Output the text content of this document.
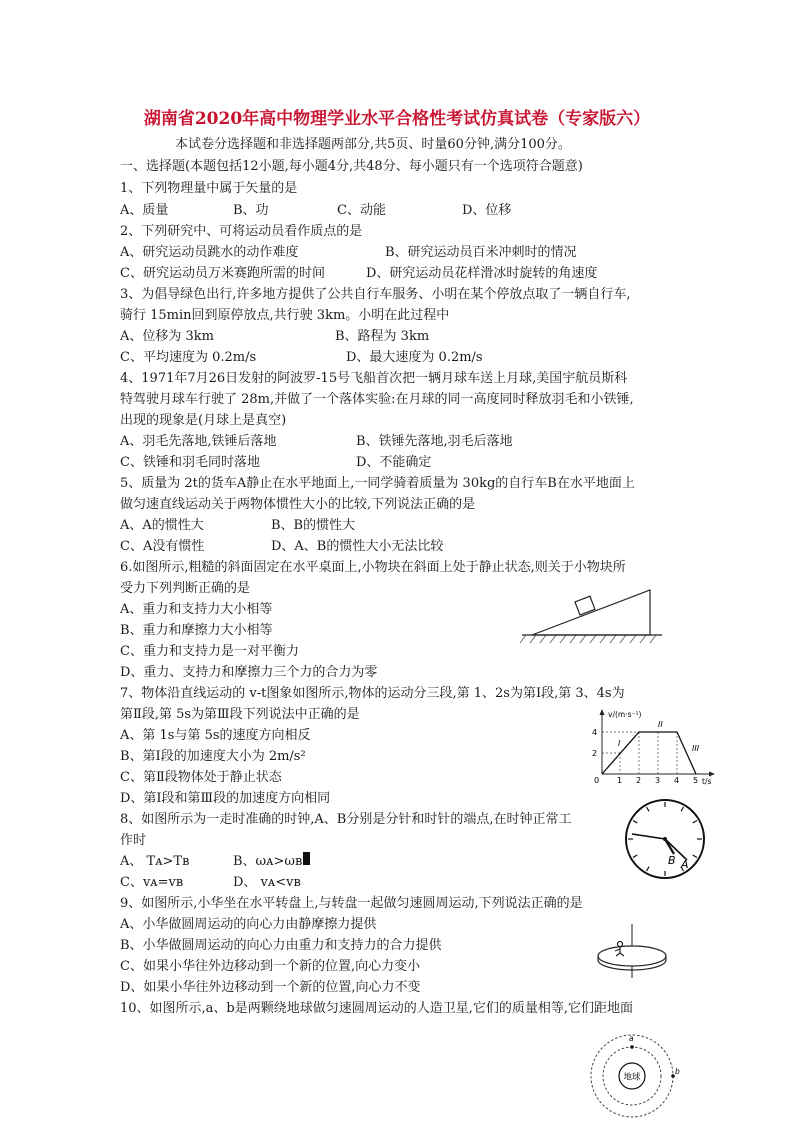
湖南省2020年高中物理学业水平合格性考试仿真试卷（专家版六）
本试卷分选择题和非选择题两部分,共5页、时量60分钟,满分100分。
一、选择题(本题包括12小题,每小题4分,共48分、每小题只有一个选项符合题意)
1、下列物理量中属于矢量的是
A、质量	B、功	C、动能	D、位移
2、下列研究中、可将运动员看作质点的是
A、研究运动员跳水的动作难度	B、研究运动员百米冲刺时的情况
C、研究运动员万米赛跑所需的时间	D、研究运动员花样滑冰时旋转的角速度
3、为倡导绿色出行,许多地方提供了公共自行车服务、小明在某个停放点取了一辆自行车,
骑行 15min回到原停放点,共行驶 3km。小明在此过程中
A、位移为 3km	B、路程为 3km
C、平均速度为 0.2m/s	D、最大速度为 0.2m/s
4、1971年7月26日发射的阿波罗-15号飞船首次把一辆月球车送上月球,美国宇航员斯科
特驾驶月球车行驶了 28m,并做了一个落体实验:在月球的同一高度同时释放羽毛和小铁锤,
出现的现象是(月球上是真空)
A、羽毛先落地,铁锤后落地	B、铁锤先落地,羽毛后落地
C、铁锤和羽毛同时落地	D、不能确定
5、质量为 2t的货车A静止在水平地面上,一同学骑着质量为 30kg的自行车B在水平地面上
做匀速直线运动关于两物体惯性大小的比较,下列说法正确的是
A、A的惯性大	B、B的惯性大
C、A没有惯性	D、A、B的惯性大小无法比较
6.如图所示,粗糙的斜面固定在水平桌面上,小物块在斜面上处于静止状态,则关于小物块所
受力下列判断正确的是
A、重力和支持力大小相等
B、重力和摩擦力大小相等
C、重力和支持力是一对平衡力
D、重力、支持力和摩擦力三个力的合力为零
7、物体沿直线运动的 v-t图象如图所示,物体的运动分三段,第 1、2s为第Ⅰ段,第 3、4s为
第Ⅱ段,第 5s为第Ⅲ段下列说法中正确的是
A、第 1s与第 5s的速度方向相反
B、第Ⅰ段的加速度大小为 2m/s²
C、第Ⅱ段物体处于静止状态
D、第Ⅰ段和第Ⅲ段的加速度方向相同
8、如图所示为一走时准确的时钟,A、B分别是分针和时针的端点,在时钟正常工
作时
A、 Tᴀ>Tʙ	B、ωᴀ>ωʙ
C、vᴀ=vʙ	D、 vᴀ<vʙ
9、如图所示,小华坐在水平转盘上,与转盘一起做匀速圆周运动,下列说法正确的是
A、小华做圆周运动的向心力由静摩擦力提供
B、小华做圆周运动的向心力由重力和支持力的合力提供
C、如果小华往外边移动到一个新的位置,向心力变小
D、如果小华往外边移动到一个新的位置,向心力不变
10、如图所示,a、b是两颗绕地球做匀速圆周运动的人造卫星,它们的质量相等,它们距地面
v/(m·s⁻¹)
t/s
4
2
0 1 2 3 4 5
I
II
III
A
B
地球
a
b
